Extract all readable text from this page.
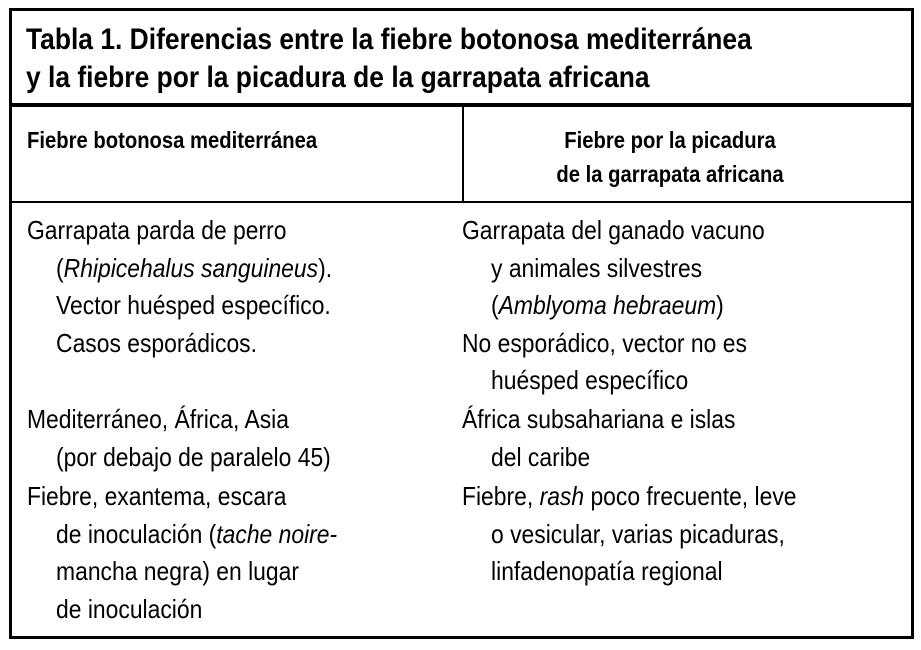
Tabla 1. Diferencias entre la fiebre botonosa mediterránea
y la fiebre por la picadura de la garrapata africana
Fiebre botonosa mediterránea	Fiebre por la picadura
de la garrapata africana
Garrapata parda de perro
(Rhipicehalus sanguineus).
Vector huésped específico.
Casos esporádicos.
Garrapata del ganado vacuno
y animales silvestres
(Amblyoma hebraeum)
No esporádico, vector no es
huésped específico
Mediterráneo, África, Asia
(por debajo de paralelo 45)
África subsahariana e islas
del caribe
Fiebre, exantema, escara
de inoculación (tache noire-
mancha negra) en lugar
de inoculación
Fiebre, rash poco frecuente, leve
o vesicular, varias picaduras,
linfadenopatía regional
